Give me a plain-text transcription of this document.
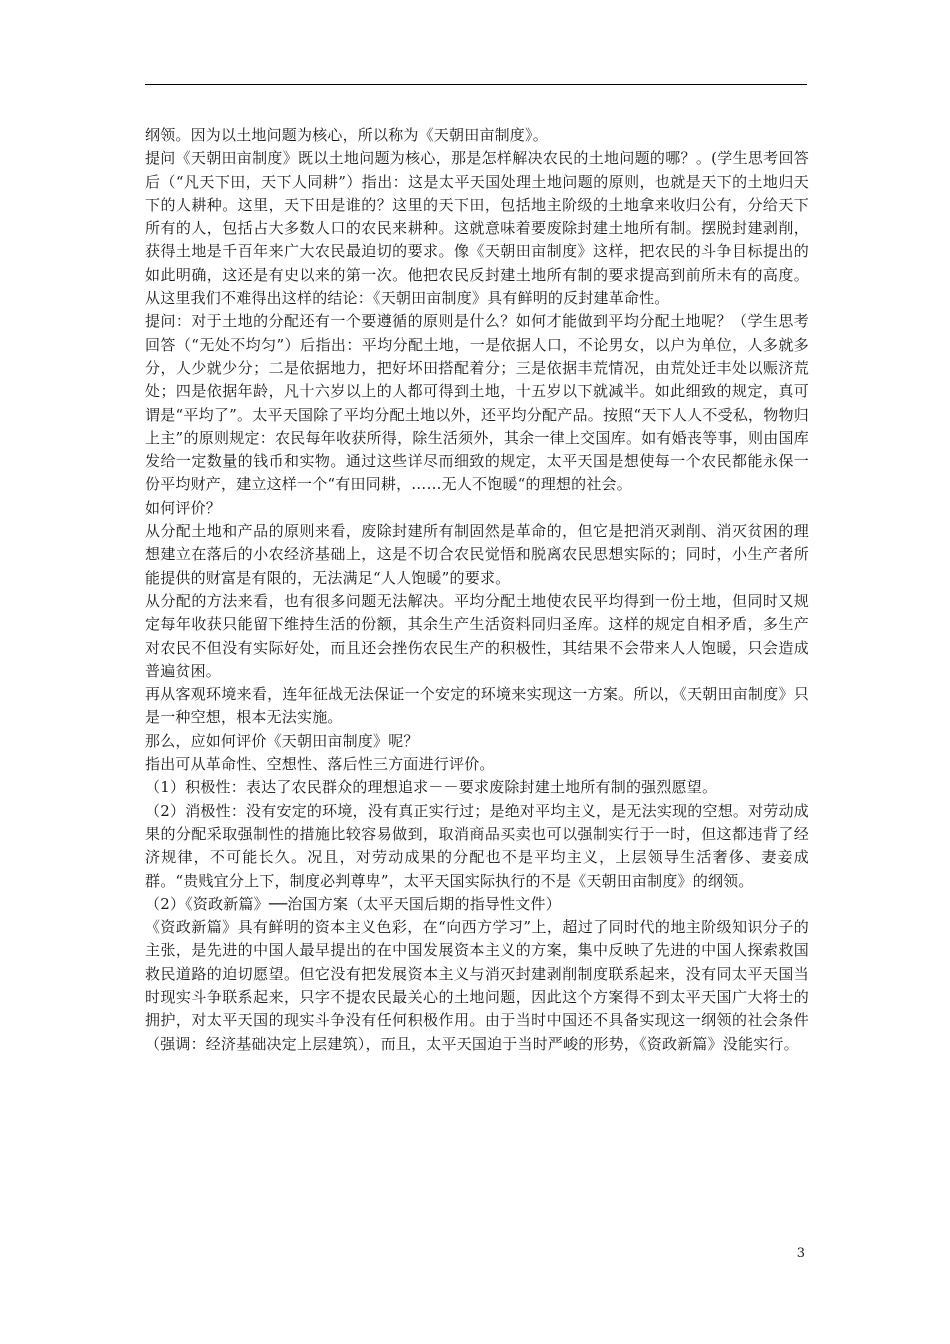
纲领。因为以土地问题为核心，所以称为《天朝田亩制度》。

提问《天朝田亩制度》既以土地问题为核心，那是怎样解决农民的土地问题的哪？。(学生思考回答后（“凡天下田，天下人同耕”）指出：这是太平天国处理土地问题的原则，也就是天下的土地归天下的人耕种。这里，天下田是谁的？这里的天下田，包括地主阶级的土地拿来收归公有，分给天下所有的人，包括占大多数人口的农民来耕种。这就意味着要废除封建土地所有制。摆脱封建剥削，获得土地是千百年来广大农民最迫切的要求。像《天朝田亩制度》这样，把农民的斗争目标提出的如此明确，这还是有史以来的第一次。他把农民反封建土地所有制的要求提高到前所未有的高度。从这里我们不难得出这样的结论：《天朝田亩制度》具有鲜明的反封建革命性。

提问：对于土地的分配还有一个要遵循的原则是什么？如何才能做到平均分配土地呢？（学生思考回答（“无处不均匀”）后指出：平均分配土地，一是依据人口，不论男女，以户为单位，人多就多分，人少就少分；二是依据地力，把好坏田搭配着分；三是依据丰荒情况，由荒处迁丰处以赈济荒处；四是依据年龄，凡十六岁以上的人都可得到土地，十五岁以下就减半。如此细致的规定，真可谓是“平均了”。太平天国除了平均分配土地以外，还平均分配产品。按照“天下人人不受私，物物归上主”的原则规定：农民每年收获所得，除生活须外，其余一律上交国库。如有婚丧等事，则由国库发给一定数量的钱币和实物。通过这些详尽而细致的规定，太平天国是想使每一个农民都能永保一份平均财产，建立这样一个“有田同耕，……无人不饱暖“的理想的社会。

如何评价？

从分配土地和产品的原则来看，废除封建所有制固然是革命的，但它是把消灭剥削、消灭贫困的理想建立在落后的小农经济基础上，这是不切合农民觉悟和脱离农民思想实际的；同时，小生产者所能提供的财富是有限的，无法满足“人人饱暖”的要求。

从分配的方法来看，也有很多问题无法解决。平均分配土地使农民平均得到一份土地，但同时又规定每年收获只能留下维持生活的份额，其余生产生活资料同归圣库。这样的规定自相矛盾，多生产对农民不但没有实际好处，而且还会挫伤农民生产的积极性，其结果不会带来人人饱暖，只会造成普遍贫困。

再从客观环境来看，连年征战无法保证一个安定的环境来实现这一方案。所以，《天朝田亩制度》只是一种空想，根本无法实施。

那么，应如何评价《天朝田亩制度》呢？

指出可从革命性、空想性、落后性三方面进行评价。

（1）积极性：表达了农民群众的理想追求－－要求废除封建土地所有制的强烈愿望。

（2）消极性：没有安定的环境，没有真正实行过；是绝对平均主义，是无法实现的空想。对劳动成果的分配采取强制性的措施比较容易做到，取消商品买卖也可以强制实行于一时，但这都违背了经济规律，不可能长久。况且，对劳动成果的分配也不是平均主义，上层领导生活奢侈、妻妾成群。“贵贱宜分上下，制度必判尊卑”，太平天国实际执行的不是《天朝田亩制度》的纲领。

（2）《资政新篇》──治国方案（太平天国后期的指导性文件）

《资政新篇》具有鲜明的资本主义色彩，在“向西方学习”上，超过了同时代的地主阶级知识分子的主张，是先进的中国人最早提出的在中国发展资本主义的方案，集中反映了先进的中国人探索救国救民道路的迫切愿望。但它没有把发展资本主义与消灭封建剥削制度联系起来，没有同太平天国当时现实斗争联系起来，只字不提农民最关心的土地问题，因此这个方案得不到太平天国广大将士的拥护，对太平天国的现实斗争没有任何积极作用。由于当时中国还不具备实现这一纲领的社会条件（强调：经济基础决定上层建筑），而且，太平天国迫于当时严峻的形势，《资政新篇》没能实行。

3
